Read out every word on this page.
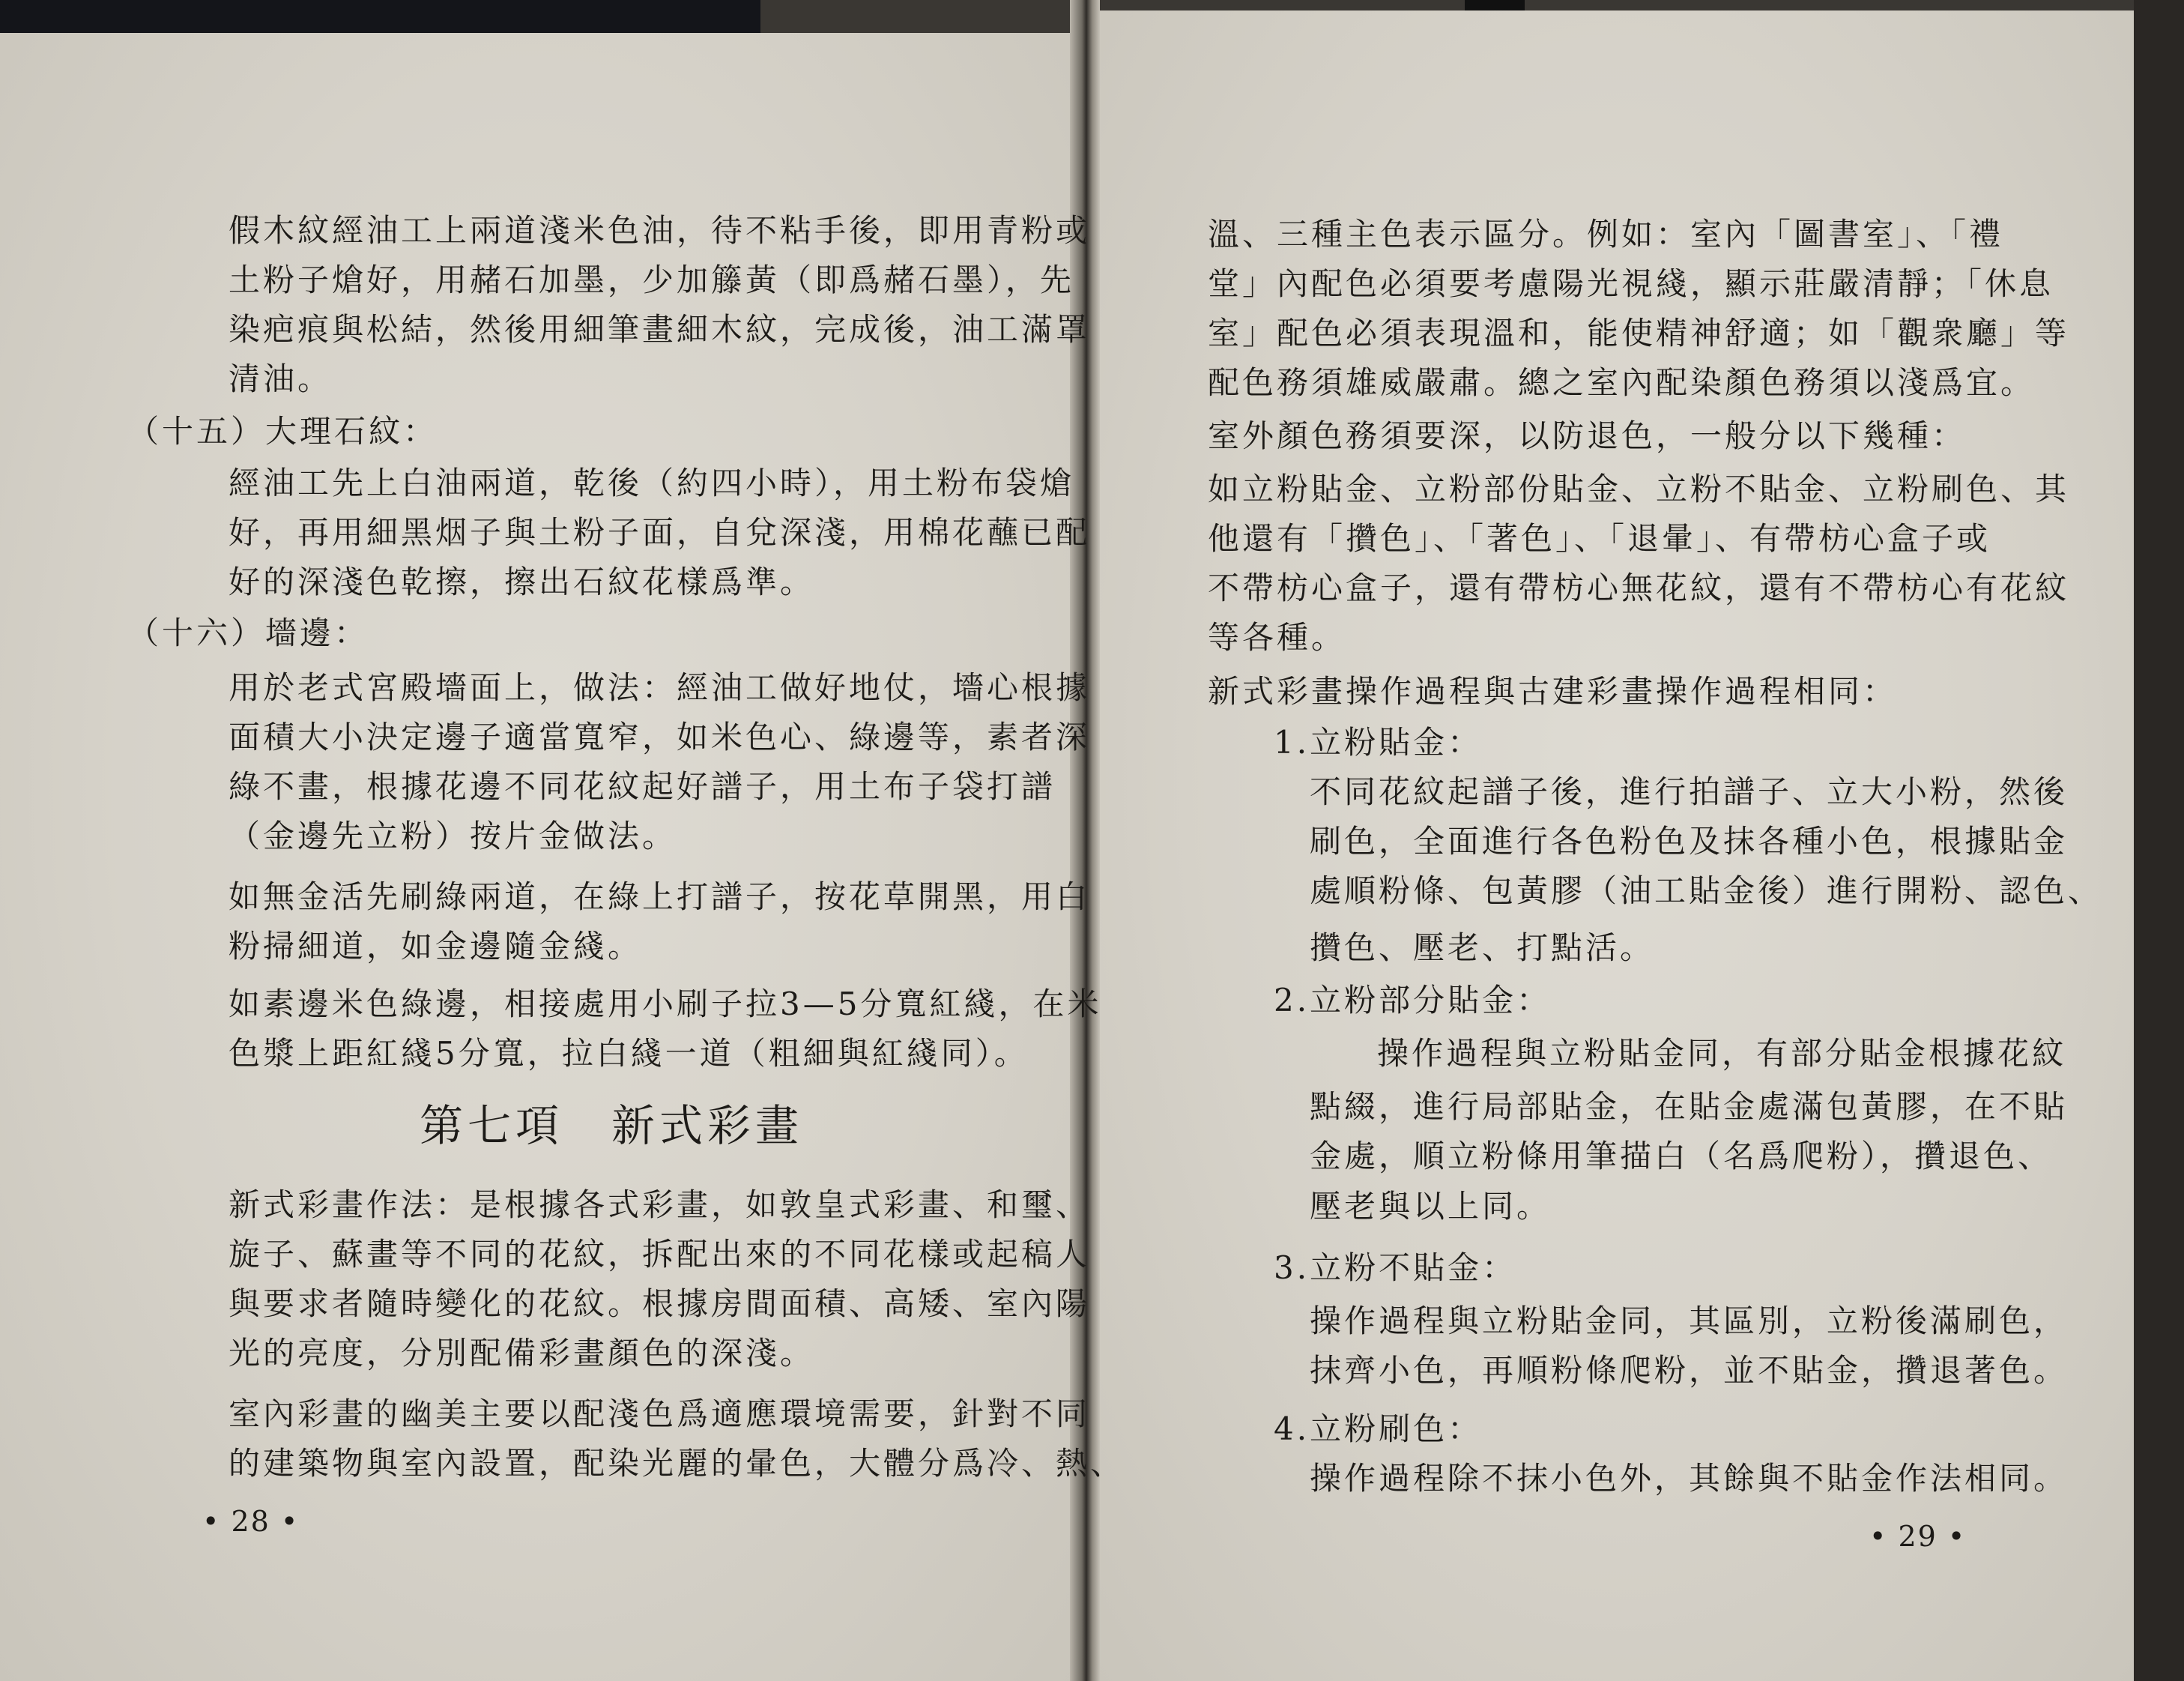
假木紋經油工上兩道淺米色油，待不粘手後，即用青粉或
土粉子熗好，用赭石加墨，少加籐黃（即爲赭石墨），先
染疤痕與松結，然後用細筆畫細木紋，完成後，油工滿罩
清油。
（十五）大理石紋：
經油工先上白油兩道，乾後（約四小時），用土粉布袋熗
好，再用細黑烟子與土粉子面，自兌深淺，用棉花蘸已配
好的深淺色乾擦，擦出石紋花樣爲準。
（十六）墻邊：
用於老式宮殿墻面上，做法：經油工做好地仗，墻心根據
面積大小決定邊子適當寬窄，如米色心、綠邊等，素者深
綠不畫，根據花邊不同花紋起好譜子，用土布子袋打譜
（金邊先立粉）按片金做法。
如無金活先刷綠兩道，在綠上打譜子，按花草開黑，用白
粉掃細道，如金邊隨金綫。
如素邊米色綠邊，相接處用小刷子拉3—5分寬紅綫，在米
色漿上距紅綫5分寬，拉白綫一道（粗細與紅綫同）。
第七項　新式彩畫
新式彩畫作法：是根據各式彩畫，如敦皇式彩畫、和璽、
旋子、蘇畫等不同的花紋，拆配出來的不同花樣或起稿人
與要求者隨時變化的花紋。根據房間面積、高矮、室內陽
光的亮度，分別配備彩畫顏色的深淺。
室內彩畫的幽美主要以配淺色爲適應環境需要，針對不同
的建築物與室內設置，配染光麗的暈色，大體分爲冷、熱、
• 28 •
溫、三種主色表示區分。例如：室內「圖書室」、「禮
堂」內配色必須要考慮陽光視綫，顯示莊嚴清靜；「休息
室」配色必須表現溫和，能使精神舒適；如「觀衆廳」等
配色務須雄威嚴肅。總之室內配染顏色務須以淺爲宜。
室外顏色務須要深，以防退色，一般分以下幾種：
如立粉貼金、立粉部份貼金、立粉不貼金、立粉刷色、其
他還有「攢色」、「著色」、「退暈」、有帶枋心盒子或
不帶枋心盒子，還有帶枋心無花紋，還有不帶枋心有花紋
等各種。
新式彩畫操作過程與古建彩畫操作過程相同：
1.立粉貼金：
不同花紋起譜子後，進行拍譜子、立大小粉，然後
刷色，全面進行各色粉色及抹各種小色，根據貼金
處順粉條、包黃膠（油工貼金後）進行開粉、認色、
攢色、壓老、打點活。
2.立粉部分貼金：
操作過程與立粉貼金同，有部分貼金根據花紋
點綴，進行局部貼金，在貼金處滿包黃膠，在不貼
金處，順立粉條用筆描白（名爲爬粉），攢退色、
壓老與以上同。
3.立粉不貼金：
操作過程與立粉貼金同，其區別，立粉後滿刷色，
抹齊小色，再順粉條爬粉，並不貼金，攢退著色。
4.立粉刷色：
操作過程除不抹小色外，其餘與不貼金作法相同。
• 29 •
